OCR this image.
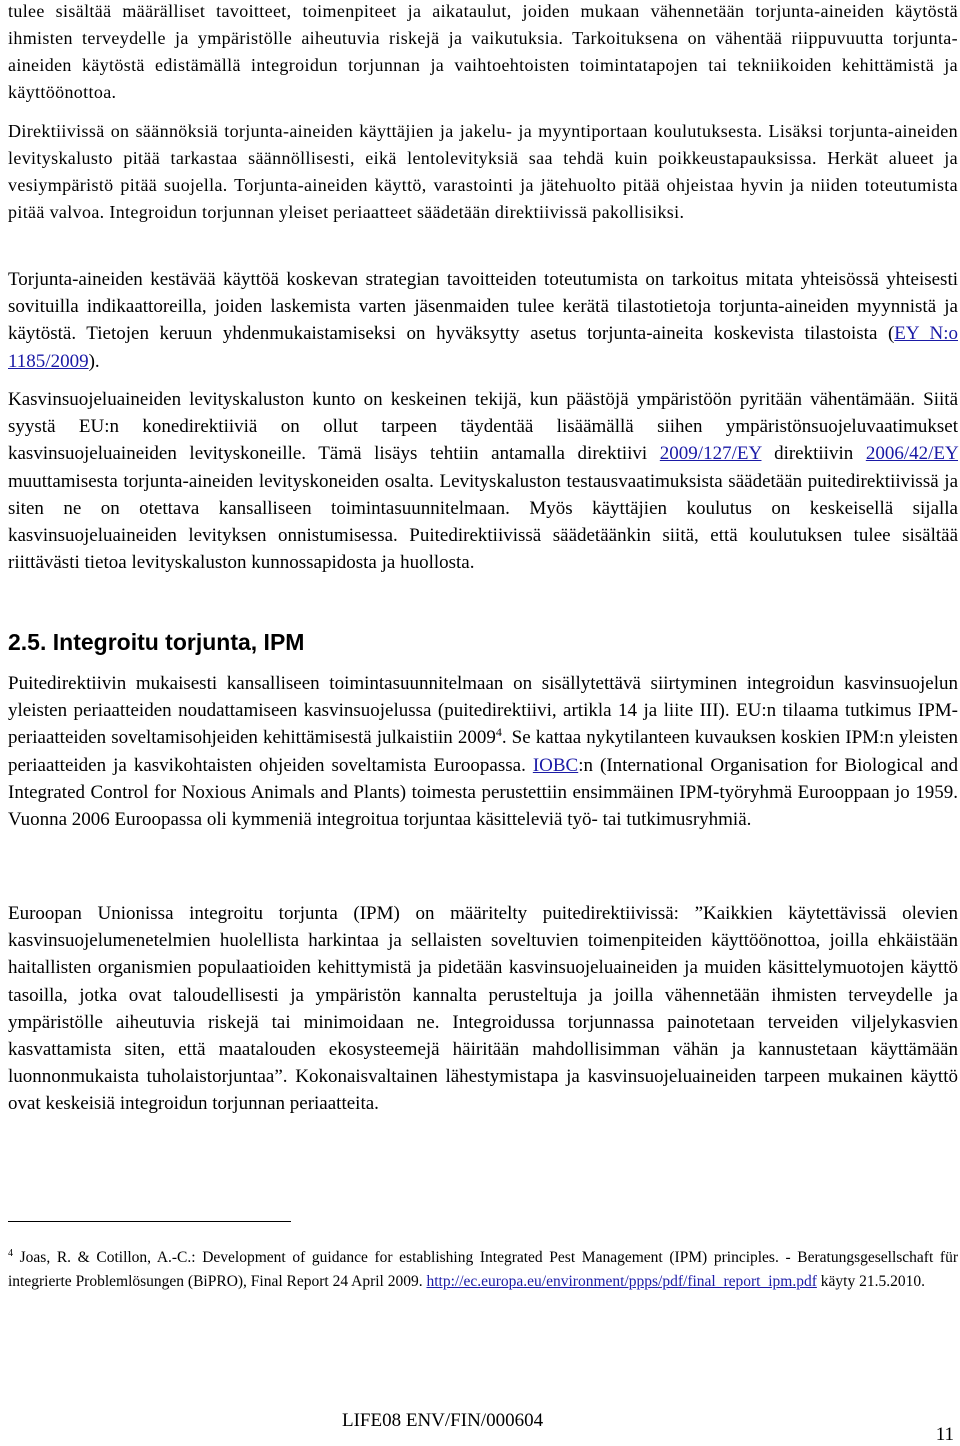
tulee sisältää määrälliset tavoitteet, toimenpiteet ja aikataulut, joiden mukaan vähennetään torjunta-aineiden käytöstä ihmisten terveydelle ja ympäristölle aiheutuvia riskejä ja vaikutuksia. Tarkoituksena on vähentää riippuvuutta torjunta-aineiden käytöstä edistämällä integroidun torjunnan ja vaihtoehtoisten toimintatapojen tai tekniikoiden kehittämistä ja käyttöönottoa.

Direktiivissä on säännöksiä torjunta-aineiden käyttäjien ja jakelu- ja myyntiportaan koulutuksesta. Lisäksi torjunta-aineiden levityskalusto pitää tarkastaa säännöllisesti, eikä lentolevityksiä saa tehdä kuin poikkeustapauksissa. Herkät alueet ja vesiympäristö pitää suojella. Torjunta-aineiden käyttö, varastointi ja jätehuolto pitää ohjeistaa hyvin ja niiden toteutumista pitää valvoa. Integroidun torjunnan yleiset periaatteet säädetään direktiivissä pakollisiksi.

Torjunta-aineiden kestävää käyttöä koskevan strategian tavoitteiden toteutumista on tarkoitus mitata yhteisössä yhteisesti sovituilla indikaattoreilla, joiden laskemista varten jäsenmaiden tulee kerätä tilastotietoja torjunta-aineiden myynnistä ja käytöstä. Tietojen keruun yhdenmukaistamiseksi on hyväksytty asetus torjunta-aineita koskevista tilastoista (EY N:o 1185/2009).

Kasvinsuojeluaineiden levityskaluston kunto on keskeinen tekijä, kun päästöjä ympäristöön pyritään vähentämään. Siitä syystä EU:n konedirektiiviä on ollut tarpeen täydentää lisäämällä siihen ympäristönsuojeluvaatimukset kasvinsuojeluaineiden levityskoneille. Tämä lisäys tehtiin antamalla direktiivi 2009/127/EY direktiivin 2006/42/EY muuttamisesta torjunta-aineiden levityskoneiden osalta. Levityskaluston testausvaatimuksista säädetään puitedirektiivissä ja siten ne on otettava kansalliseen toimintasuunnitelmaan. Myös käyttäjien koulutus on keskeisellä sijalla kasvinsuojeluaineiden levityksen onnistumisessa. Puitedirektiivissä säädetäänkin siitä, että koulutuksen tulee sisältää riittävästi tietoa levityskaluston kunnossapidosta ja huollosta.

2.5. Integroitu torjunta, IPM

Puitedirektiivin mukaisesti kansalliseen toimintasuunnitelmaan on sisällytettävä siirtyminen integroidun kasvinsuojelun yleisten periaatteiden noudattamiseen kasvinsuojelussa (puitedirektiivi, artikla 14 ja liite III). EU:n tilaama tutkimus IPM-periaatteiden soveltamisohjeiden kehittämisestä julkaistiin 2009$^4$. Se kattaa nykytilanteen kuvauksen koskien IPM:n yleisten periaatteiden ja kasvikohtaisten ohjeiden soveltamista Euroopassa. IOBC:n (International Organisation for Biological and Integrated Control for Noxious Animals and Plants) toimesta perustettiin ensimmäinen IPM-työryhmä Eurooppaan jo 1959. Vuonna 2006 Euroopassa oli kymmeniä integroitua torjuntaa käsitteleviä työ- tai tutkimusryhmiä.

Euroopan Unionissa integroitu torjunta (IPM) on määritelty puitedirektiivissä: ”Kaikkien käytettävissä olevien kasvinsuojelumenetelmien huolellista harkintaa ja sellaisten soveltuvien toimenpiteiden käyttöönottoa, joilla ehkäistään haitallisten organismien populaatioiden kehittymistä ja pidetään kasvinsuojeluaineiden ja muiden käsittelymuotojen käyttö tasoilla, jotka ovat taloudellisesti ja ympäristön kannalta perusteltuja ja joilla vähennetään ihmisten terveydelle ja ympäristölle aiheutuvia riskejä tai minimoidaan ne. Integroidussa torjunnassa painotetaan terveiden viljelykasvien kasvattamista siten, että maatalouden ekosysteemejä häiritään mahdollisimman vähän ja kannustetaan käyttämään luonnonmukaista tuholaistorjuntaa”. Kokonaisvaltainen lähestymistapa ja kasvinsuojeluaineiden tarpeen mukainen käyttö ovat keskeisiä integroidun torjunnan periaatteita.

$^4$ Joas, R. & Cotillon, A.-C.: Development of guidance for establishing Integrated Pest Management (IPM) principles. - Beratungsgesellschaft für integrierte Problemlösungen (BiPRO), Final Report 24 April 2009. http://ec.europa.eu/environment/ppps/pdf/final_report_ipm.pdf käyty 21.5.2010.

LIFE08 ENV/FIN/000604

11
